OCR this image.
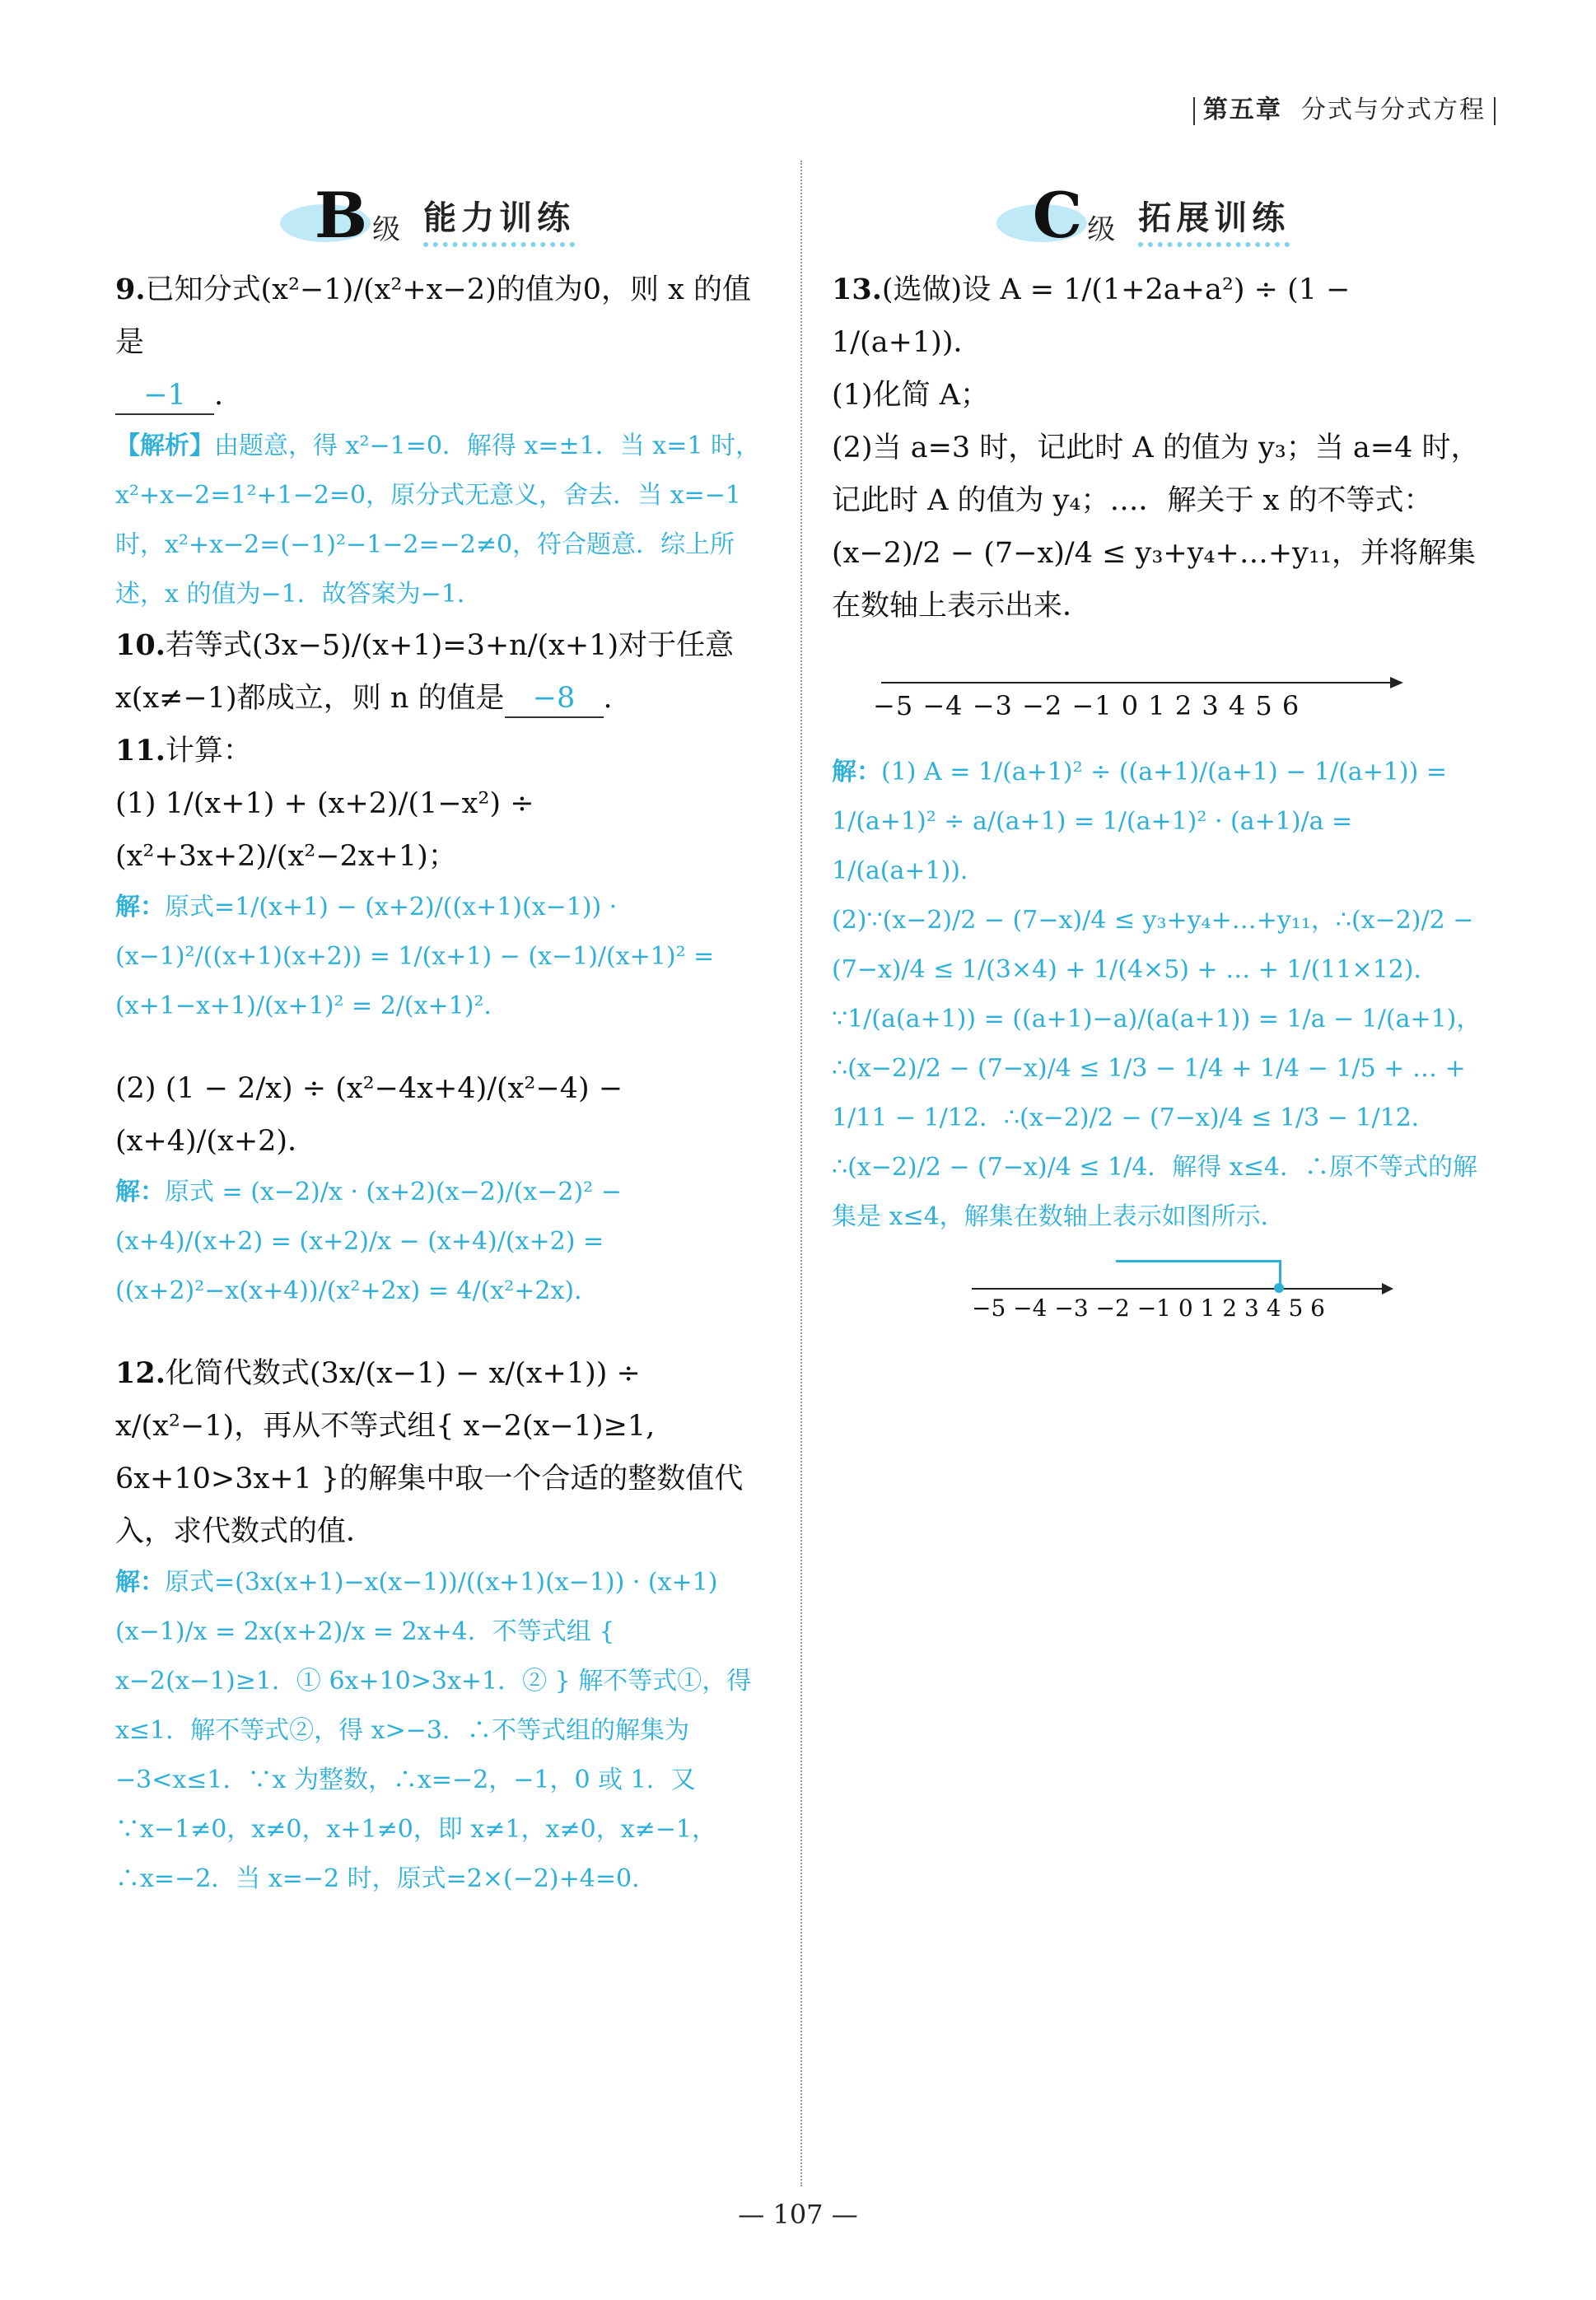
第五章 分式与分式方程
B 级 能力训练

9.已知分式(x²−1)/(x²+x−2)的值为0，则 x 的值是

−1 .

【解析】由题意，得 x²−1=0．解得 x=±1．当 x=1 时，x²+x−2=1²+1−2=0，原分式无意义，舍去．当 x=−1 时，x²+x−2=(−1)²−1−2=−2≠0，符合题意．综上所述，x 的值为−1．故答案为−1．

10.若等式(3x−5)/(x+1)=3+n/(x+1)对于任意 x(x≠−1)都成立，则 n 的值是 −8 .

11.计算：

(1) 1/(x+1) + (x+2)/(1−x²) ÷ (x²+3x+2)/(x²−2x+1)；

解：原式=1/(x+1) − (x+2)/((x+1)(x−1)) · (x−1)²/((x+1)(x+2)) = 1/(x+1) − (x−1)/(x+1)² = (x+1−x+1)/(x+1)² = 2/(x+1)²．

(2) (1 − 2/x) ÷ (x²−4x+4)/(x²−4) − (x+4)/(x+2)．

解：原式 = (x−2)/x · (x+2)(x−2)/(x−2)² − (x+4)/(x+2) = (x+2)/x − (x+4)/(x+2) = ((x+2)²−x(x+4))/(x²+2x) = 4/(x²+2x)．

12.化简代数式(3x/(x−1) − x/(x+1)) ÷ x/(x²−1)，再从不等式组{ x−2(x−1)≥1, 6x+10>3x+1 }的解集中取一个合适的整数值代入，求代数式的值．

解：原式=(3x(x+1)−x(x−1))/((x+1)(x−1)) · (x+1)(x−1)/x = 2x(x+2)/x = 2x+4．不等式组 { x−2(x−1)≥1．① 6x+10>3x+1．② } 解不等式①，得 x≤1．解不等式②，得 x>−3．∴不等式组的解集为−3<x≤1．∵x 为整数，∴x=−2，−1，0 或 1．又∵x−1≠0，x≠0，x+1≠0，即 x≠1，x≠0，x≠−1，∴x=−2．当 x=−2 时，原式=2×(−2)+4=0．

C 级 拓展训练

13.(选做)设 A = 1/(1+2a+a²) ÷ (1 − 1/(a+1))．

(1)化简 A；

(2)当 a=3 时，记此时 A 的值为 y₃；当 a=4 时，记此时 A 的值为 y₄；…．解关于 x 的不等式：(x−2)/2 − (7−x)/4 ≤ y₃+y₄+…+y₁₁，并将解集在数轴上表示出来．

−5 −4 −3 −2 −1 0 1 2 3 4 5 6

解：(1) A = 1/(a+1)² ÷ ((a+1)/(a+1) − 1/(a+1)) = 1/(a+1)² ÷ a/(a+1) = 1/(a+1)² · (a+1)/a = 1/(a(a+1))．

(2)∵(x−2)/2 − (7−x)/4 ≤ y₃+y₄+…+y₁₁，∴(x−2)/2 − (7−x)/4 ≤ 1/(3×4) + 1/(4×5) + … + 1/(11×12)．∵1/(a(a+1)) = ((a+1)−a)/(a(a+1)) = 1/a − 1/(a+1)，∴(x−2)/2 − (7−x)/4 ≤ 1/3 − 1/4 + 1/4 − 1/5 + … + 1/11 − 1/12．∴(x−2)/2 − (7−x)/4 ≤ 1/3 − 1/12．∴(x−2)/2 − (7−x)/4 ≤ 1/4．解得 x≤4．∴原不等式的解集是 x≤4，解集在数轴上表示如图所示．

−5 −4 −3 −2 −1 0 1 2 3 4 5 6
— 107 —
